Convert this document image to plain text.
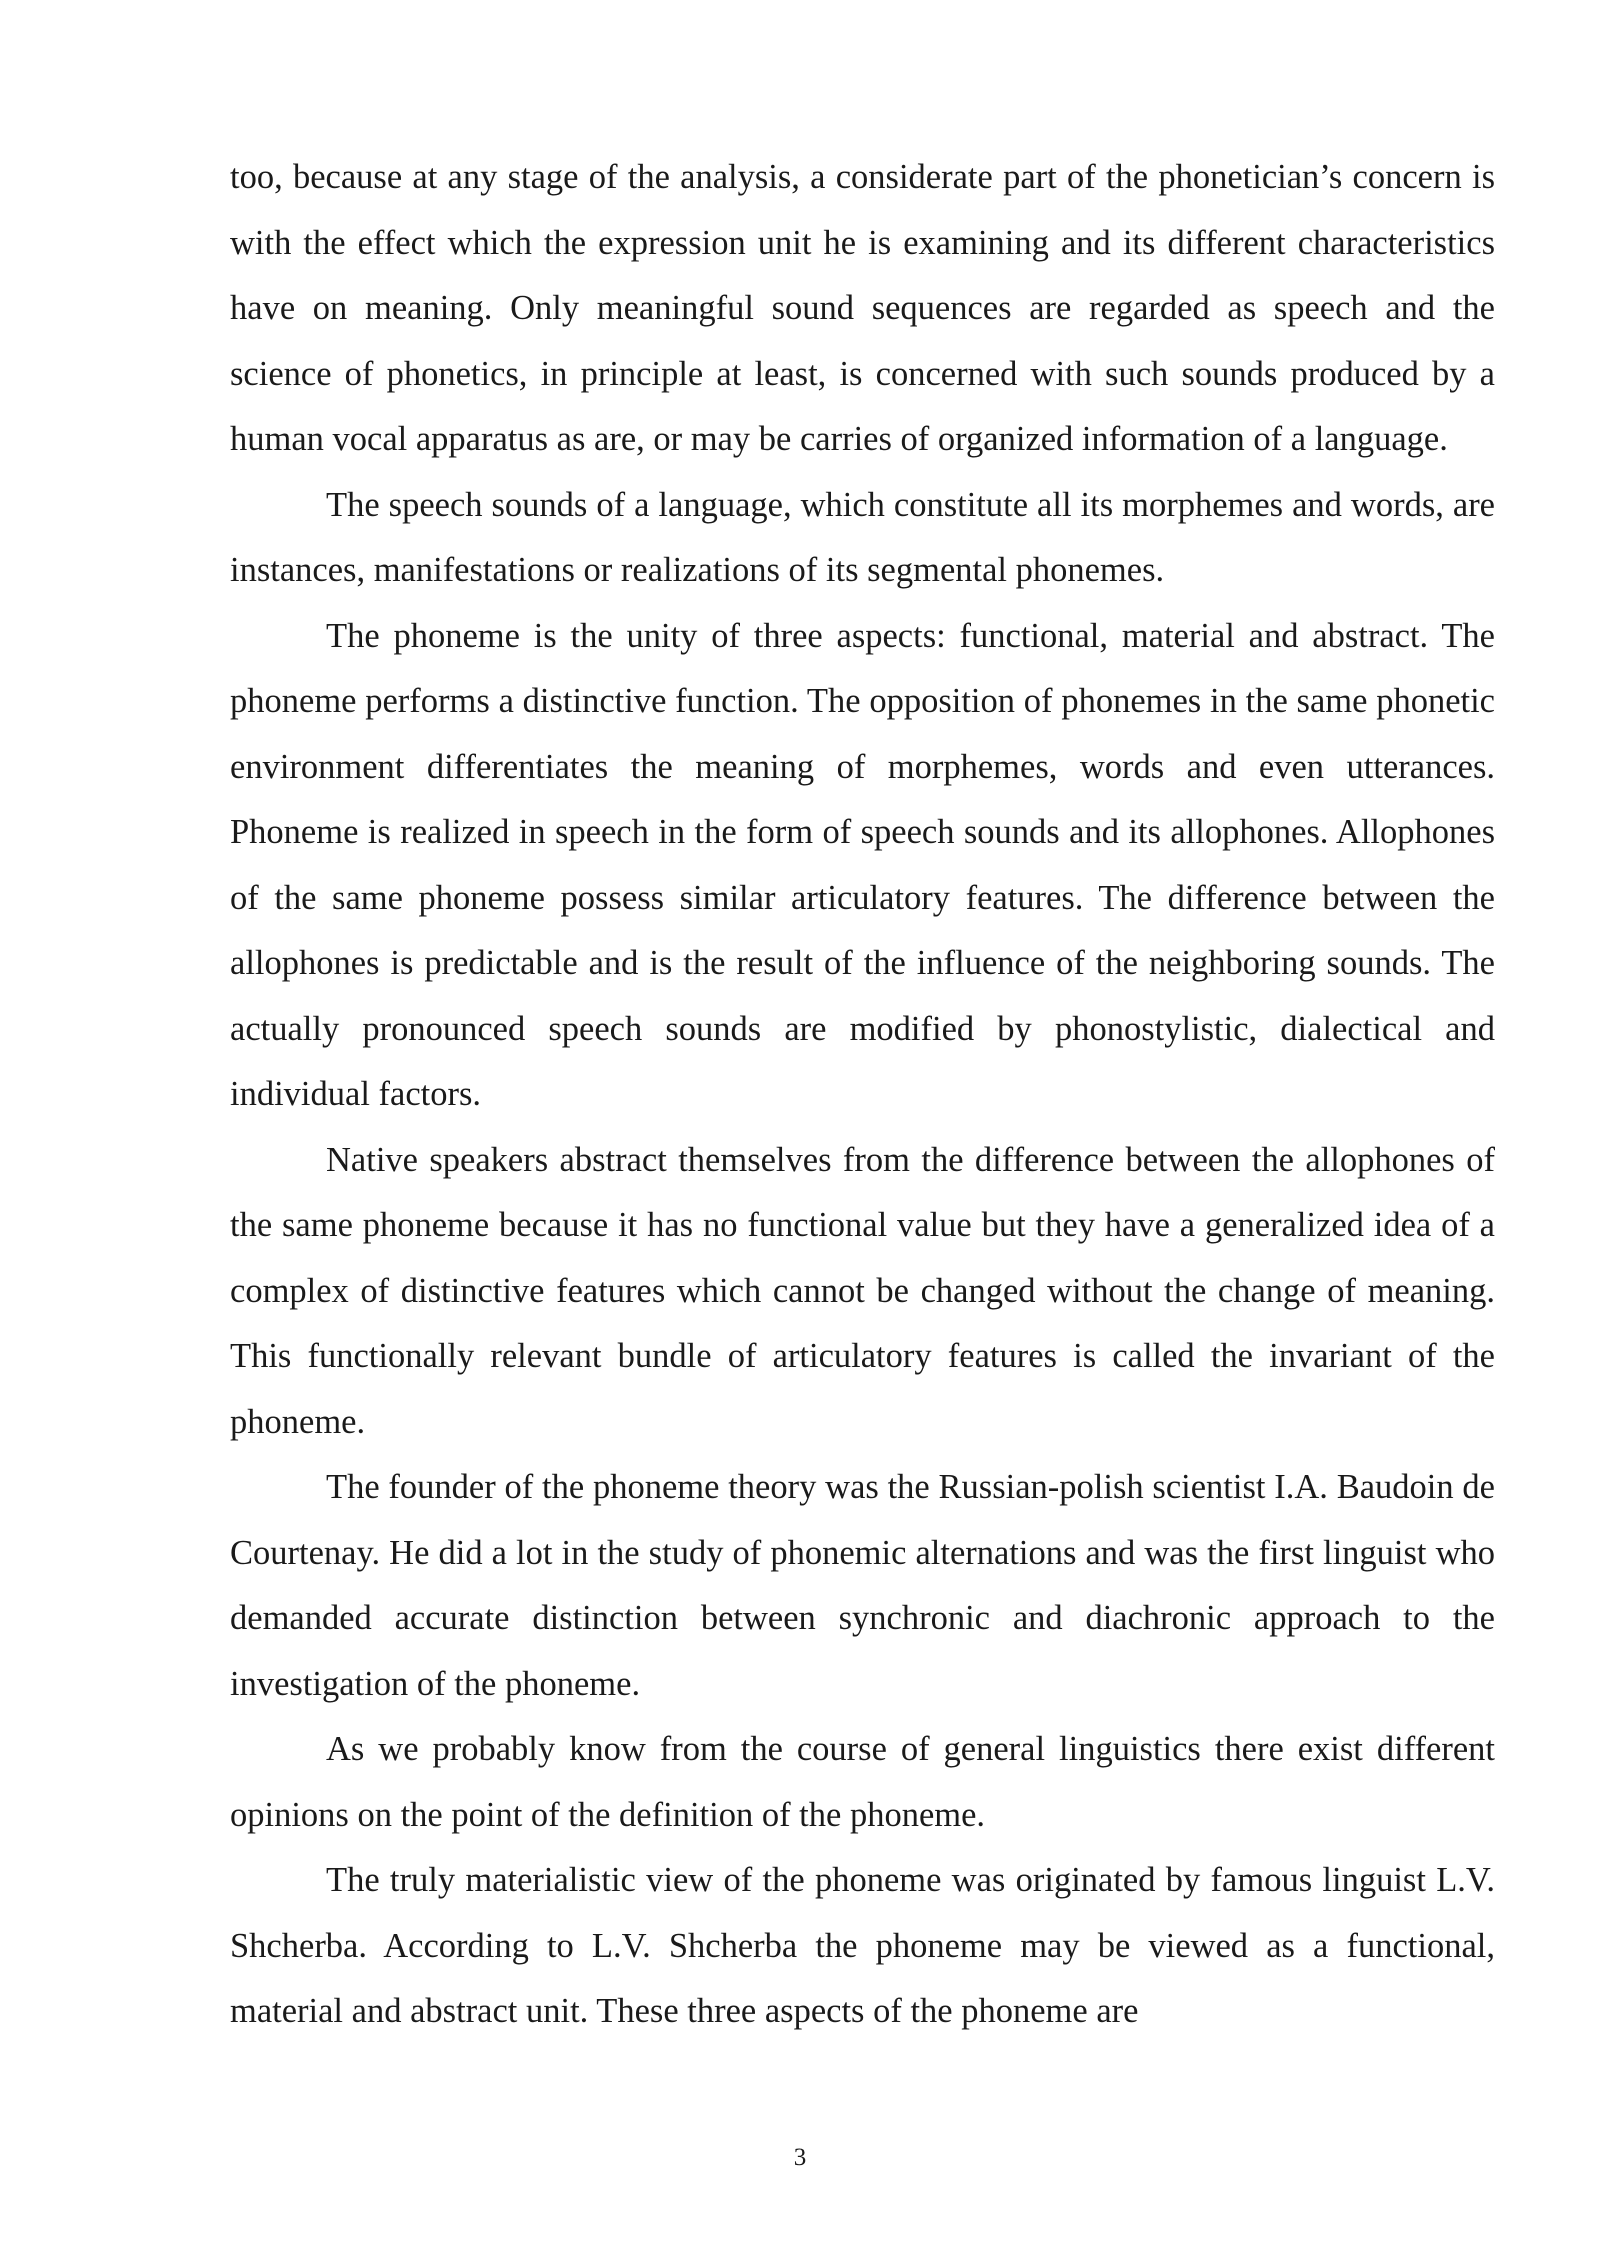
too, because at any stage of the analysis, a considerate part of the phonetician’s concern is with the effect which the expression unit he is examining and its different characteristics have on meaning. Only meaningful sound sequences are regarded as speech and the science of phonetics, in principle at least, is concerned with such sounds produced by a human vocal apparatus as are, or may be carries of organized information of a language.

The speech sounds of a language, which constitute all its morphemes and words, are instances, manifestations or realizations of its segmental phonemes.

The phoneme is the unity of three aspects: functional, material and abstract. The phoneme performs a distinctive function. The opposition of phonemes in the same phonetic environment differentiates the meaning of morphemes, words and even utterances. Phoneme is realized in speech in the form of speech sounds and its allophones. Allophones of the same phoneme possess similar articulatory features. The difference between the allophones is predictable and is the result of the influence of the neighboring sounds. The actually pronounced speech sounds are modified by phonostylistic, dialectical and individual factors.

Native speakers abstract themselves from the difference between the allophones of the same phoneme because it has no functional value but they have a generalized idea of a complex of distinctive features which cannot be changed without the change of meaning. This functionally relevant bundle of articulatory features is called the invariant of the phoneme.

The founder of the phoneme theory was the Russian-polish scientist I.A. Baudoin de Courtenay. He did a lot in the study of phonemic alternations and was the first linguist who demanded accurate distinction between synchronic and diachronic approach to the investigation of the phoneme.

As we probably know from the course of general linguistics there exist different opinions on the point of the definition of the phoneme.

The truly materialistic view of the phoneme was originated by famous linguist L.V. Shcherba. According to L.V. Shcherba the phoneme may be viewed as a functional, material and abstract unit. These three aspects of the phoneme are

3
